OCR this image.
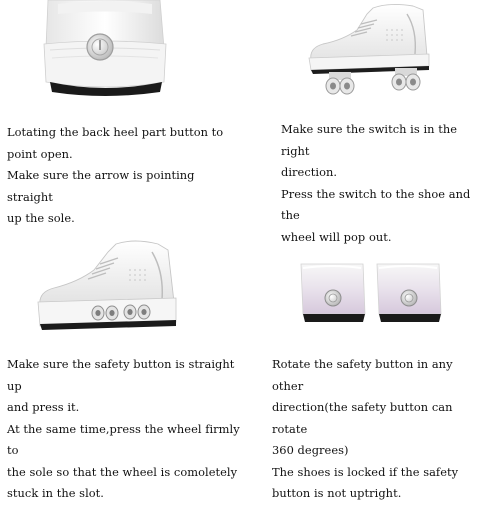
Lotating the back heel part button to

point open.

Make sure the arrow is pointing straight

up the sole.

Make sure the switch is in the right

direction.

Press the switch to the shoe and the

wheel will pop out.

Make sure the safety button is straight up

and press it.

At the same time,press the wheel firmly to

the sole so that the wheel is comoletely

stuck in the slot.

Rotate the safety button in any other

direction(the safety button can rotate

360 degrees)

The shoes is locked if the safety

button is not uptright.
